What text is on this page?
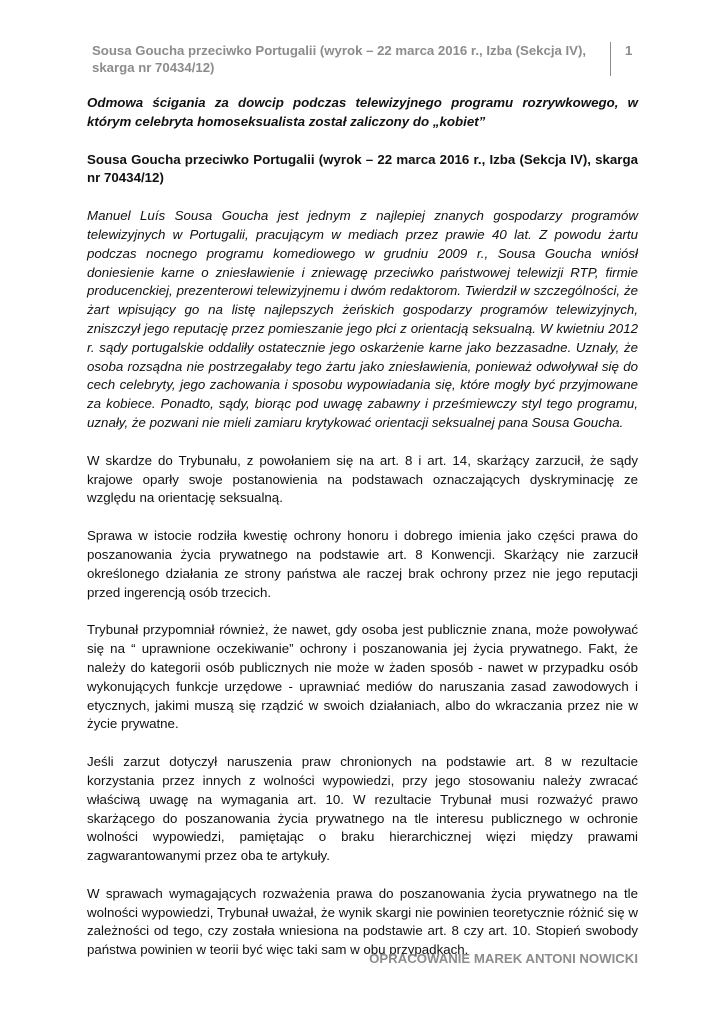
Sousa Goucha przeciwko Portugalii (wyrok – 22 marca 2016 r., Izba (Sekcja IV), skarga nr 70434/12)
1

Odmowa ścigania za dowcip podczas telewizyjnego programu rozrywkowego, w którym celebryta homoseksualista został zaliczony do „kobiet”

Sousa Goucha przeciwko Portugalii (wyrok – 22 marca 2016 r., Izba (Sekcja IV), skarga nr 70434/12)

Manuel Luís Sousa Goucha jest jednym z najlepiej znanych gospodarzy programów telewizyjnych w Portugalii, pracującym w mediach przez prawie 40 lat. Z powodu żartu podczas nocnego programu komediowego w grudniu 2009 r., Sousa Goucha wniósł doniesienie karne o zniesławienie i zniewagę przeciwko państwowej telewizji RTP, firmie producenckiej, prezenterowi telewizyjnemu i dwóm redaktorom. Twierdził w szczególności, że żart wpisujący go na listę najlepszych żeńskich gospodarzy programów telewizyjnych, zniszczył jego reputację przez pomieszanie jego płci z orientacją seksualną. W kwietniu 2012 r. sądy portugalskie oddaliły ostatecznie jego oskarżenie karne jako bezzasadne. Uznały, że osoba rozsądna nie postrzegałaby tego żartu jako zniesławienia, ponieważ odwoływał się do cech celebryty, jego zachowania i sposobu wypowiadania się, które mogły być przyjmowane za kobiece. Ponadto, sądy, biorąc pod uwagę zabawny i prześmiewczy styl tego programu, uznały, że pozwani nie mieli zamiaru krytykować orientacji seksualnej pana Sousa Goucha.

W skardze do Trybunału, z powołaniem się na art. 8 i art. 14, skarżący zarzucił, że sądy krajowe oparły swoje postanowienia na podstawach oznaczających dyskryminację ze względu na orientację seksualną.

Sprawa w istocie rodziła kwestię ochrony honoru i dobrego imienia jako części prawa do poszanowania życia prywatnego na podstawie art. 8 Konwencji. Skarżący nie zarzucił określonego działania ze strony państwa ale raczej brak ochrony przez nie jego reputacji przed ingerencją osób trzecich.

Trybunał przypomniał również, że nawet, gdy osoba jest publicznie znana, może powoływać się na “ uprawnione oczekiwanie” ochrony i poszanowania jej życia prywatnego. Fakt, że należy do kategorii osób publicznych nie może w żaden sposób - nawet w przypadku osób wykonujących funkcje urzędowe - uprawniać mediów do naruszania zasad zawodowych i etycznych, jakimi muszą się rządzić w swoich działaniach, albo do wkraczania przez nie w życie prywatne.

Jeśli zarzut dotyczył naruszenia praw chronionych na podstawie art. 8 w rezultacie korzystania przez innych z wolności wypowiedzi, przy jego stosowaniu należy zwracać właściwą uwagę na wymagania art. 10. W rezultacie Trybunał musi rozważyć prawo skarżącego do poszanowania życia prywatnego na tle interesu publicznego w ochronie wolności wypowiedzi, pamiętając o braku hierarchicznej więzi między prawami zagwarantowanymi przez oba te artykuły.

W sprawach wymagających rozważenia prawa do poszanowania życia prywatnego na tle wolności wypowiedzi, Trybunał uważał, że wynik skargi nie powinien teoretycznie różnić się w zależności od tego, czy została wniesiona na podstawie art. 8 czy art. 10. Stopień swobody państwa powinien w teorii być więc taki sam w obu przypadkach.

OPRACOWANIE MAREK ANTONI NOWICKI
